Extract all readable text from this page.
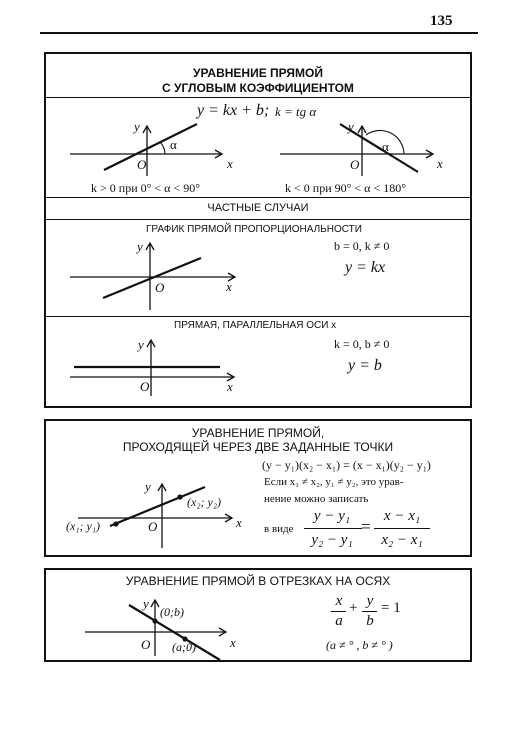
135
УРАВНЕНИЕ ПРЯМОЙ
С УГЛОВЫМ КОЭФФИЦИЕНТОМ
y = kx + b; k = tg α
y
x
O
α
k > 0 при 0° < α < 90°
y
x
O
α
k < 0 при 90° < α < 180°
ЧАСТНЫЕ СЛУЧАИ
ГРАФИК ПРЯМОЙ ПРОПОРЦИОНАЛЬНОСТИ
b = 0, k ≠ 0
y = kx
y
x
O
ПРЯМАЯ, ПАРАЛЛЕЛЬНАЯ ОСИ x
k = 0, b ≠ 0
y = b
y
x
O
УРАВНЕНИЕ ПРЯМОЙ,
ПРОХОДЯЩЕЙ ЧЕРЕЗ ДВЕ ЗАДАННЫЕ ТОЧКИ
(y − y₁)(x₂ − x₁) = (x − x₁)(y₂ − y₁)
Если x₁ ≠ x₂, y₁ ≠ y₂, это урав-
нение можно записать
в виде
y − y₁
y₂ − y₁
=
x − x₁
x₂ − x₁
y
x
O
(x₁; y₁)
(x₂; y₂)
УРАВНЕНИЕ ПРЯМОЙ В ОТРЕЗКАХ НА ОСЯХ
x
a
+ y
b
= 1
(a ≠ ° , b ≠ ° )
y
x
O
(0;b)
(a;0)
